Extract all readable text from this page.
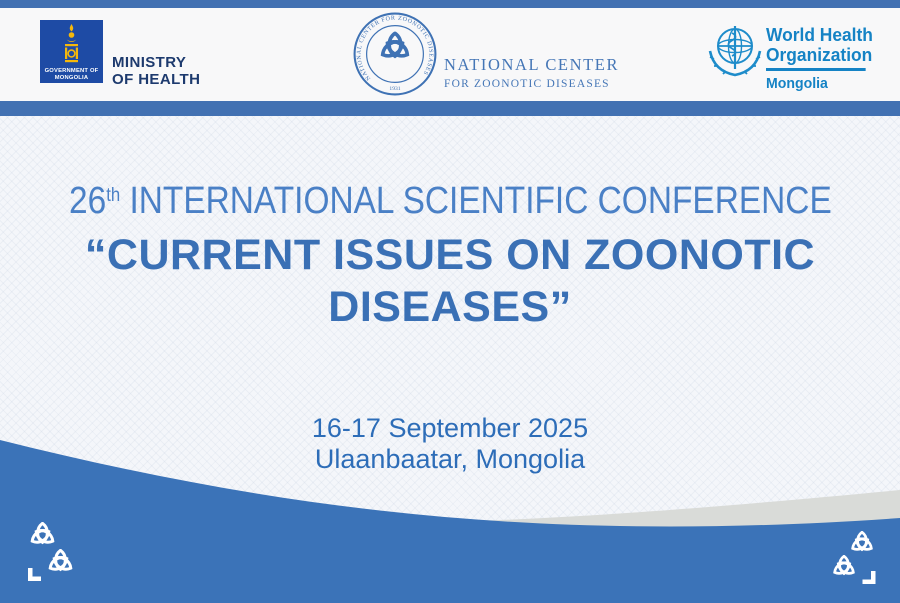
GOVERNMENT OF
MONGOLIA
MINISTRY
OF HEALTH	NATIONAL CENTER FOR ZOONOTIC DISEASES
1931
NATIONAL CENTER
FOR ZOONOTIC DISEASES
World Health
Organization
Mongolia
26th INTERNATIONAL SCIENTIFIC CONFERENCE
“CURRENT ISSUES ON ZOONOTIC
DISEASES”
16-17 September 2025
Ulaanbaatar, Mongolia
